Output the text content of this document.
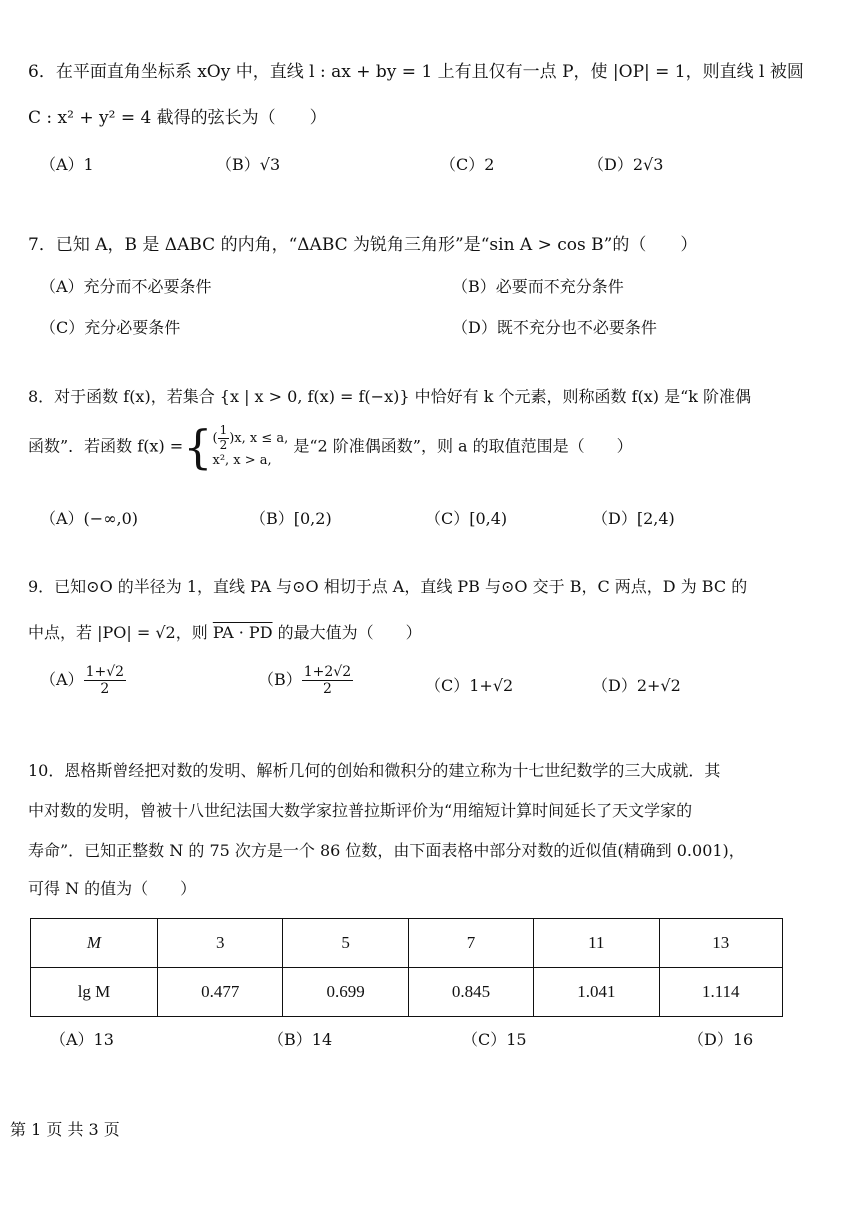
6．在平面直角坐标系 xOy 中，直线 l : ax + by = 1 上有且仅有一点 P，使 |OP| = 1，则直线 l 被圆
C : x² + y² = 4 截得的弦长为（　　）
（A）1	（B）√3	（C）2	（D）2√3
7．已知 A，B 是 ΔABC 的内角，“ΔABC 为锐角三角形”是“sin A > cos B”的（　　）
（A）充分而不必要条件	（B）必要而不充分条件
（C）充分必要条件	（D）既不充分也不必要条件
8．对于函数 f(x)，若集合 {x | x > 0, f(x) = f(−x)} 中恰好有 k 个元素，则称函数 f(x) 是“k 阶准偶
函数”．若函数 f(x) ={ ( $\frac{1}{2} )x$, x ≤ a,
x², x > a,
是“2 阶准偶函数”，则 a 的取值范围是（　　）
（A）(−∞,0)	（B）[0,2)	（C）[0,4)	（D）[2,4)
9．已知⊙O 的半径为 1，直线 PA 与⊙O 相切于点 A，直线 PB 与⊙O 交于 B，C 两点，D 为 BC 的
中点，若 |PO| = √2，则 PA · PD 的最大值为（　　）
$(A) \frac{1+√2}{2}$	$(B) \frac{1+2√2}{2}$	（C）1+√2	（D）2+√2
10．恩格斯曾经把对数的发明、解析几何的创始和微积分的建立称为十七世纪数学的三大成就．其
中对数的发明，曾被十八世纪法国大数学家拉普拉斯评价为“用缩短计算时间延长了天文学家的
寿命”．已知正整数 N 的 75 次方是一个 86 位数，由下面表格中部分对数的近似值(精确到 0.001)，
可得 N 的值为（　　）
M	3	5	7	11	13
lg M	0.477	0.699	0.845	1.041	1.114
（A）13	（B）14	（C）15	（D）16
第 1 页 共 3 页
